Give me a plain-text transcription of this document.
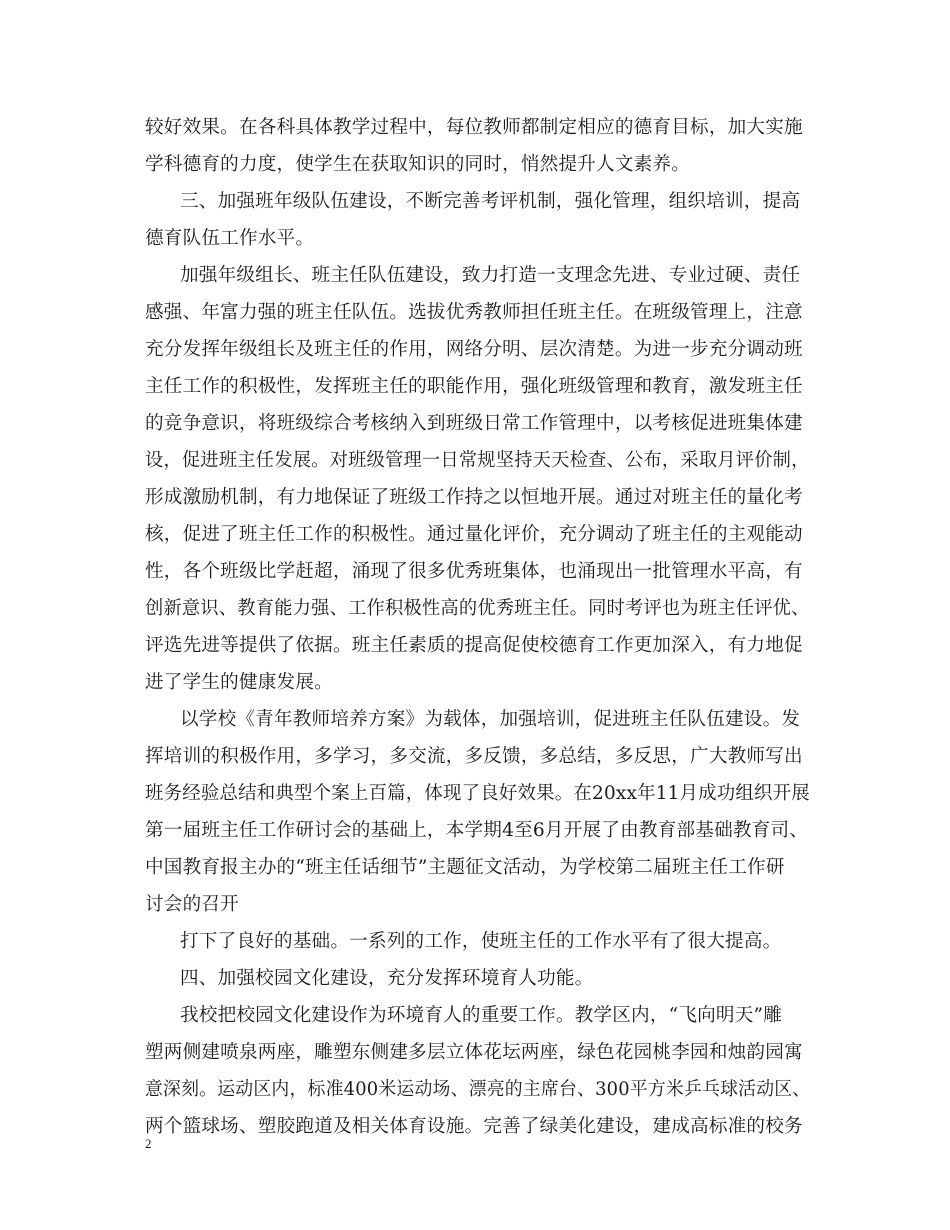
较好效果。在各科具体教学过程中，每位教师都制定相应的德育目标，加大实施
学科德育的力度，使学生在获取知识的同时，悄然提升人文素养。
三、加强班年级队伍建设，不断完善考评机制，强化管理，组织培训，提高
德育队伍工作水平。
加强年级组长、班主任队伍建设，致力打造一支理念先进、专业过硬、责任
感强、年富力强的班主任队伍。选拔优秀教师担任班主任。在班级管理上，注意
充分发挥年级组长及班主任的作用，网络分明、层次清楚。为进一步充分调动班
主任工作的积极性，发挥班主任的职能作用，强化班级管理和教育，激发班主任
的竞争意识，将班级综合考核纳入到班级日常工作管理中，以考核促进班集体建
设，促进班主任发展。对班级管理一日常规坚持天天检查、公布，采取月评价制，
形成激励机制，有力地保证了班级工作持之以恒地开展。通过对班主任的量化考
核，促进了班主任工作的积极性。通过量化评价，充分调动了班主任的主观能动
性，各个班级比学赶超，涌现了很多优秀班集体，也涌现出一批管理水平高，有
创新意识、教育能力强、工作积极性高的优秀班主任。同时考评也为班主任评优、
评选先进等提供了依据。班主任素质的提高促使校德育工作更加深入，有力地促
进了学生的健康发展。
以学校《青年教师培养方案》为载体，加强培训，促进班主任队伍建设。发
挥培训的积极作用，多学习，多交流，多反馈，多总结，多反思，广大教师写出
班务经验总结和典型个案上百篇，体现了良好效果。在20xx年11月成功组织开展
第一届班主任工作研讨会的基础上，本学期4至6月开展了由教育部基础教育司、
中国教育报主办的“班主任话细节”主题征文活动，为学校第二届班主任工作研
讨会的召开
打下了良好的基础。一系列的工作，使班主任的工作水平有了很大提高。
四、加强校园文化建设，充分发挥环境育人功能。
我校把校园文化建设作为环境育人的重要工作。教学区内，“飞向明天”雕
塑两侧建喷泉两座，雕塑东侧建多层立体花坛两座，绿色花园桃李园和烛韵园寓
意深刻。运动区内，标准400米运动场、漂亮的主席台、300平方米乒乓球活动区、
两个篮球场、塑胶跑道及相关体育设施。完善了绿美化建设，建成高标准的校务
2
